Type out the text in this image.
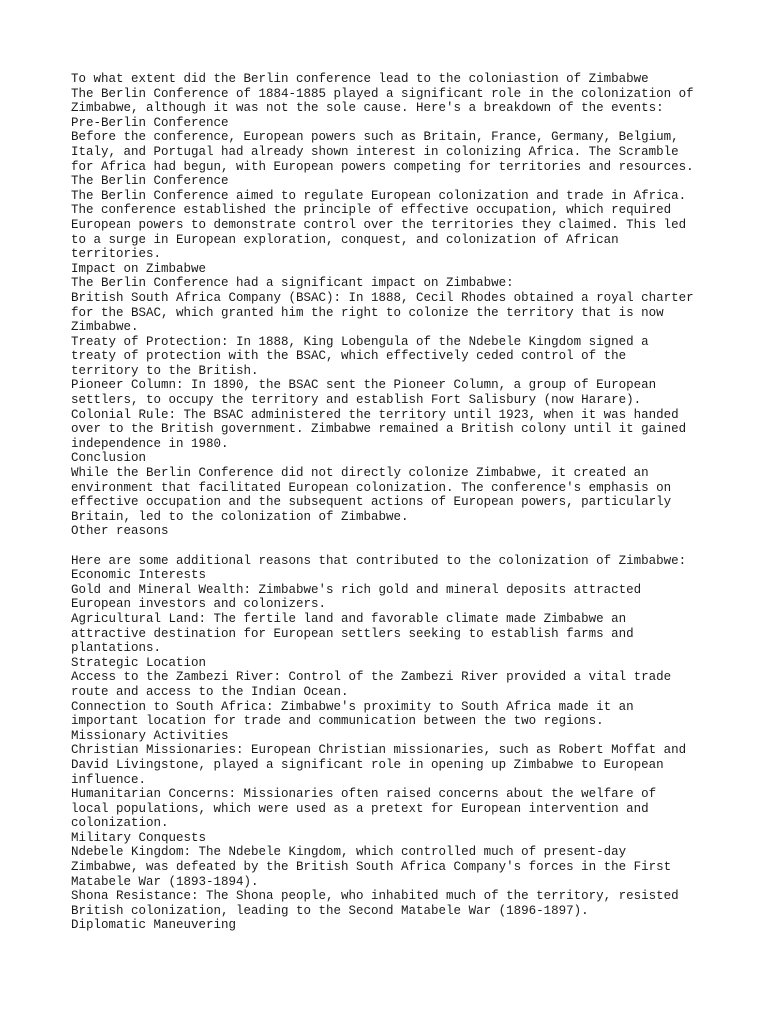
To what extent did the Berlin conference lead to the coloniastion of Zimbabwe
The Berlin Conference of 1884-1885 played a significant role in the colonization of
Zimbabwe, although it was not the sole cause. Here's a breakdown of the events:
Pre-Berlin Conference
Before the conference, European powers such as Britain, France, Germany, Belgium,
Italy, and Portugal had already shown interest in colonizing Africa. The Scramble
for Africa had begun, with European powers competing for territories and resources.
The Berlin Conference
The Berlin Conference aimed to regulate European colonization and trade in Africa.
The conference established the principle of effective occupation, which required
European powers to demonstrate control over the territories they claimed. This led
to a surge in European exploration, conquest, and colonization of African
territories.
Impact on Zimbabwe
The Berlin Conference had a significant impact on Zimbabwe:
British South Africa Company (BSAC): In 1888, Cecil Rhodes obtained a royal charter
for the BSAC, which granted him the right to colonize the territory that is now
Zimbabwe.
Treaty of Protection: In 1888, King Lobengula of the Ndebele Kingdom signed a
treaty of protection with the BSAC, which effectively ceded control of the
territory to the British.
Pioneer Column: In 1890, the BSAC sent the Pioneer Column, a group of European
settlers, to occupy the territory and establish Fort Salisbury (now Harare).
Colonial Rule: The BSAC administered the territory until 1923, when it was handed
over to the British government. Zimbabwe remained a British colony until it gained
independence in 1980.
Conclusion
While the Berlin Conference did not directly colonize Zimbabwe, it created an
environment that facilitated European colonization. The conference's emphasis on
effective occupation and the subsequent actions of European powers, particularly
Britain, led to the colonization of Zimbabwe.
Other reasons
Here are some additional reasons that contributed to the colonization of Zimbabwe:
Economic Interests
Gold and Mineral Wealth: Zimbabwe's rich gold and mineral deposits attracted
European investors and colonizers.
Agricultural Land: The fertile land and favorable climate made Zimbabwe an
attractive destination for European settlers seeking to establish farms and
plantations.
Strategic Location
Access to the Zambezi River: Control of the Zambezi River provided a vital trade
route and access to the Indian Ocean.
Connection to South Africa: Zimbabwe's proximity to South Africa made it an
important location for trade and communication between the two regions.
Missionary Activities
Christian Missionaries: European Christian missionaries, such as Robert Moffat and
David Livingstone, played a significant role in opening up Zimbabwe to European
influence.
Humanitarian Concerns: Missionaries often raised concerns about the welfare of
local populations, which were used as a pretext for European intervention and
colonization.
Military Conquests
Ndebele Kingdom: The Ndebele Kingdom, which controlled much of present-day
Zimbabwe, was defeated by the British South Africa Company's forces in the First
Matabele War (1893-1894).
Shona Resistance: The Shona people, who inhabited much of the territory, resisted
British colonization, leading to the Second Matabele War (1896-1897).
Diplomatic Maneuvering
